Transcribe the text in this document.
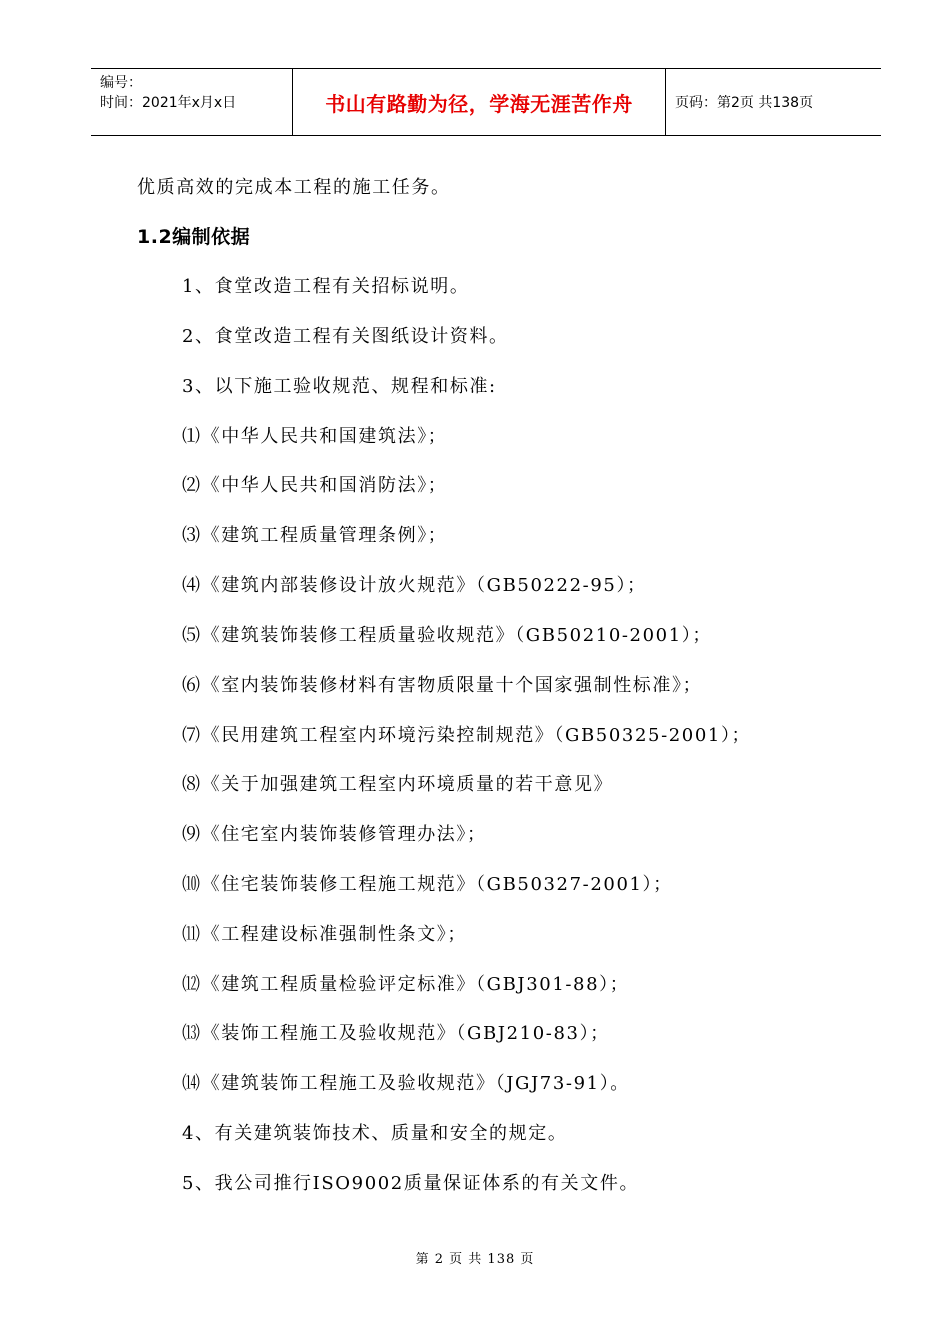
编号：
时间：2021年x月x日	书山有路勤为径，学海无涯苦作舟	页码：第2页 共138页
优质高效的完成本工程的施工任务。
1.2编制依据
1、食堂改造工程有关招标说明。
2、食堂改造工程有关图纸设计资料。
3、以下施工验收规范、规程和标准:
⑴《中华人民共和国建筑法》；
⑵《中华人民共和国消防法》；
⑶《建筑工程质量管理条例》；
⑷《建筑内部装修设计放火规范》（GB50222-95）；
⑸《建筑装饰装修工程质量验收规范》（GB50210-2001）；
⑹《室内装饰装修材料有害物质限量十个国家强制性标准》；
⑺《民用建筑工程室内环境污染控制规范》（GB50325-2001）；
⑻《关于加强建筑工程室内环境质量的若干意见》
⑼《住宅室内装饰装修管理办法》；
⑽《住宅装饰装修工程施工规范》（GB50327-2001）；
⑾《工程建设标准强制性条文》；
⑿《建筑工程质量检验评定标准》（GBJ301-88）；
⒀《装饰工程施工及验收规范》（GBJ210-83）；
⒁《建筑装饰工程施工及验收规范》（JGJ73-91）。
4、有关建筑装饰技术、质量和安全的规定。
5、我公司推行ISO9002质量保证体系的有关文件。
第 2 页 共 138 页
